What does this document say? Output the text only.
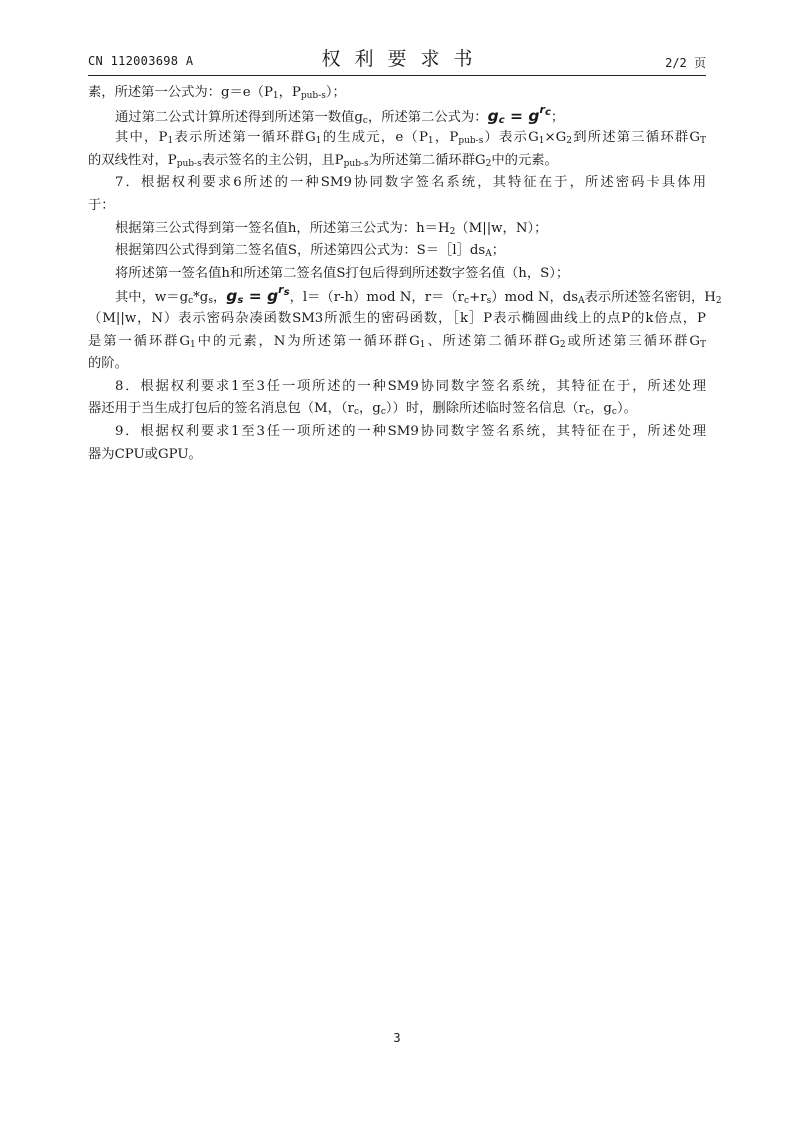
CN 112003698 A	权利要求书	2/2 页
素，所述第一公式为：$g=e(P_1$，$P_{pub-s}$）；
通过第二公式计算所述得到所述第一数值$g_c$，所述第二公式为：$g_c = g^{r_c}$；
其中，$P_1$表示所述第一循环群$G_1$的生成元，$e(P_1$，$P_{pub-s}$）表示$G_1\times G_2$到所述第三循环群$G_T$
的双线性对，$P_{pub-s}$表示签名的主公钥，且$P_{pub-s}$为所述第二循环群$G_2$中的元素。
7．根据权利要求6所述的一种SM9协同数字签名系统，其特征在于，所述密码卡具体用
于：
根据第三公式得到第一签名值h，所述第三公式为：$h=H_2(M||w$，N）；
根据第四公式得到第二签名值S，所述第四公式为：$S=[l]ds_A$；
将所述第一签名值h和所述第二签名值S打包后得到所述数字签名值（h，S）；
其中，$w=g_c*g_s$，$g_s = g^{r_s}$，l＝（r-h）mod N，$r=(r_c+r_s)mod$ N，$ds_A$表示所述签名密钥，$H_2$
（M||w，N）表示密码杂凑函数SM3所派生的密码函数，［k］P表示椭圆曲线上的点P的k倍点，P
是第一循环群$G_1$中的元素，N为所述第一循环群$G_1$、所述第二循环群$G_2$或所述第三循环群$G_T$
的阶。
8．根据权利要求1至3任一项所述的一种SM9协同数字签名系统，其特征在于，所述处理
器还用于当生成打包后的签名消息包（M，（$r_c$，$g_c$））时，删除所述临时签名信息（$r_c$，$g_c$）。
9．根据权利要求1至3任一项所述的一种SM9协同数字签名系统，其特征在于，所述处理
器为CPU或GPU。
3
